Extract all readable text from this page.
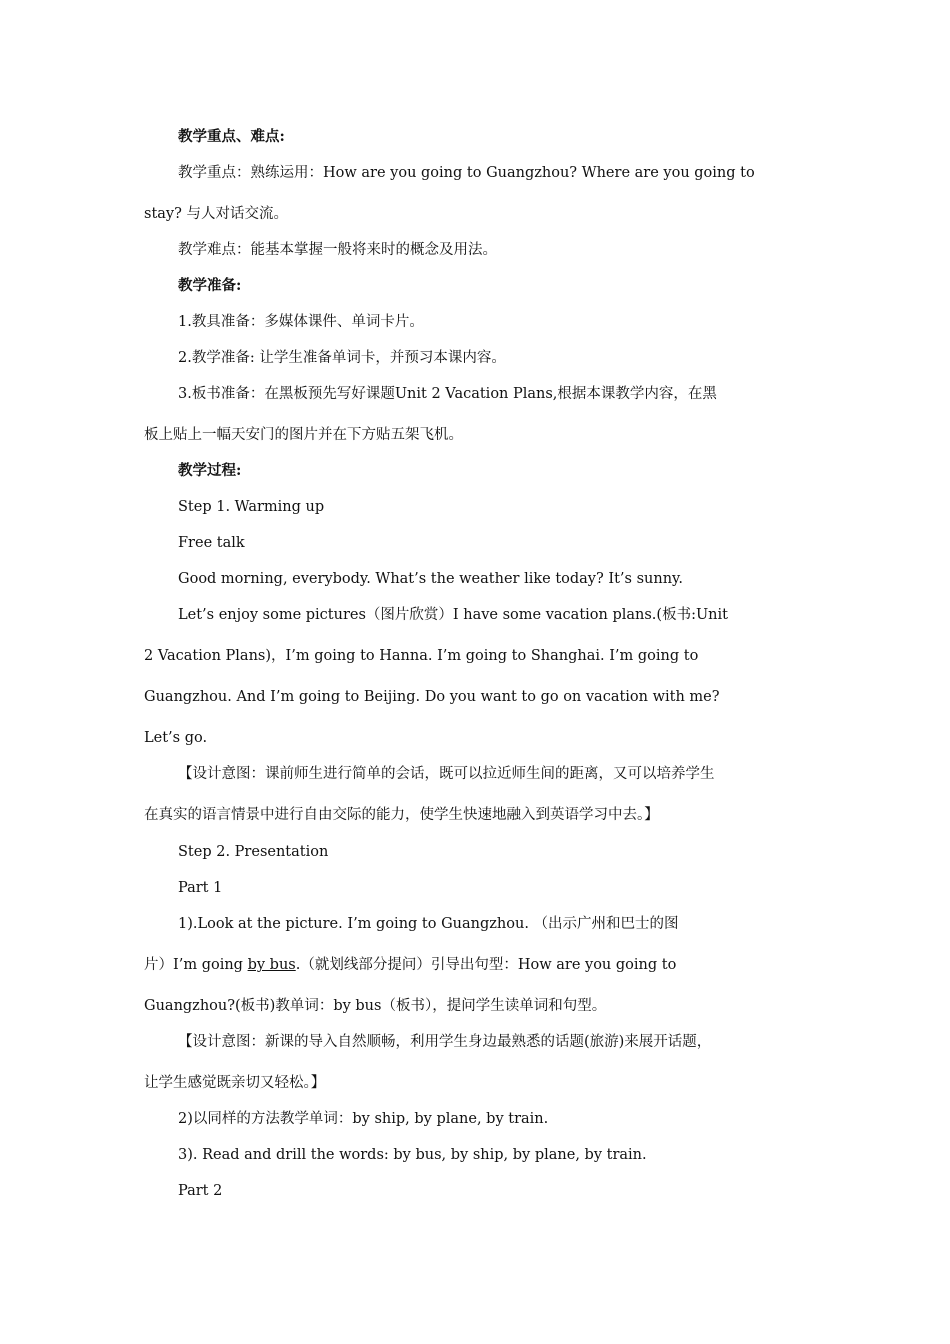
教学重点、难点:
教学重点：熟练运用：How are you going to Guangzhou? Where are you going to
stay? 与人对话交流。
教学难点：能基本掌握一般将来时的概念及用法。
教学准备:
1.教具准备：多媒体课件、单词卡片。
2.教学准备: 让学生准备单词卡，并预习本课内容。
3.板书准备：在黑板预先写好课题Unit 2 Vacation Plans,根据本课教学内容，在黑
板上贴上一幅天安门的图片并在下方贴五架飞机。
教学过程:
Step 1. Warming up
Free talk
Good morning, everybody. What’s the weather like today? It’s sunny.
Let’s enjoy some pictures（图片欣赏）I have some vacation plans.(板书:Unit
2 Vacation Plans)，I’m going to Hanna. I’m going to Shanghai. I’m going to
Guangzhou. And I’m going to Beijing. Do you want to go on vacation with me?
Let’s go.
【设计意图：课前师生进行简单的会话，既可以拉近师生间的距离，又可以培养学生
在真实的语言情景中进行自由交际的能力，使学生快速地融入到英语学习中去。】
Step 2. Presentation
Part 1
1).Look at the picture. I’m going to Guangzhou. （出示广州和巴士的图
片）I’m going by bus.（就划线部分提问）引导出句型：How are you going to
Guangzhou?(板书)教单词：by bus（板书），提问学生读单词和句型。
【设计意图：新课的导入自然顺畅，利用学生身边最熟悉的话题(旅游)来展开话题，
让学生感觉既亲切又轻松。】
2)以同样的方法教学单词：by ship, by plane, by train.
3). Read and drill the words: by bus, by ship, by plane, by train.
Part 2
